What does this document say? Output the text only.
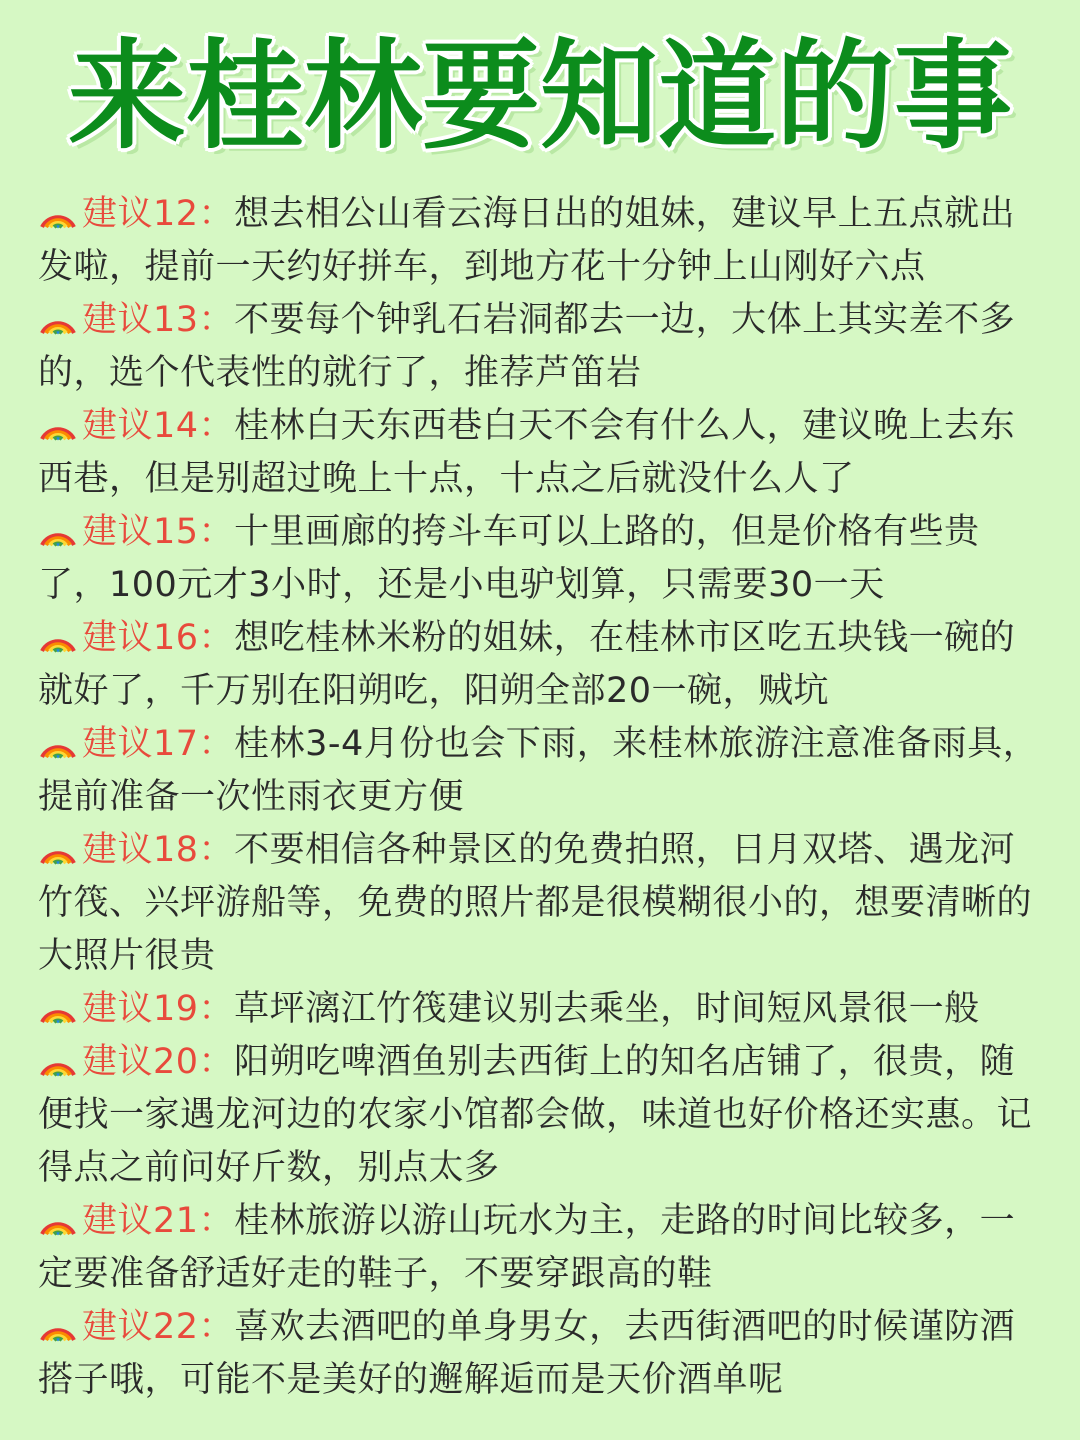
来桂林要知道的事
建议12：想去相公山看云海日出的姐妹，建议早上五点就出发啦，提前一天约好拼车，到地方花十分钟上山刚好六点
建议13：不要每个钟乳石岩洞都去一边，大体上其实差不多的，选个代表性的就行了，推荐芦笛岩
建议14：桂林白天东西巷白天不会有什么人，建议晚上去东西巷，但是别超过晚上十点，十点之后就没什么人了
建议15：十里画廊的挎斗车可以上路的，但是价格有些贵了，100元才3小时，还是小电驴划算，只需要30一天
建议16：想吃桂林米粉的姐妹，在桂林市区吃五块钱一碗的就好了，千万别在阳朔吃，阳朔全部20一碗，贼坑
建议17：桂林3-4月份也会下雨，来桂林旅游注意准备雨具，提前准备一次性雨衣更方便
建议18：不要相信各种景区的免费拍照，日月双塔、遇龙河竹筏、兴坪游船等，免费的照片都是很模糊很小的，想要清晰的大照片很贵
建议19：草坪漓江竹筏建议别去乘坐，时间短风景很一般
建议20：阳朔吃啤酒鱼别去西街上的知名店铺了，很贵，随便找一家遇龙河边的农家小馆都会做，味道也好价格还实惠。记得点之前问好斤数，别点太多
建议21：桂林旅游以游山玩水为主，走路的时间比较多，一定要准备舒适好走的鞋子，不要穿跟高的鞋
建议22：喜欢去酒吧的单身男女，去西街酒吧的时候谨防酒搭子哦，可能不是美好的邂解逅而是天价酒单呢
